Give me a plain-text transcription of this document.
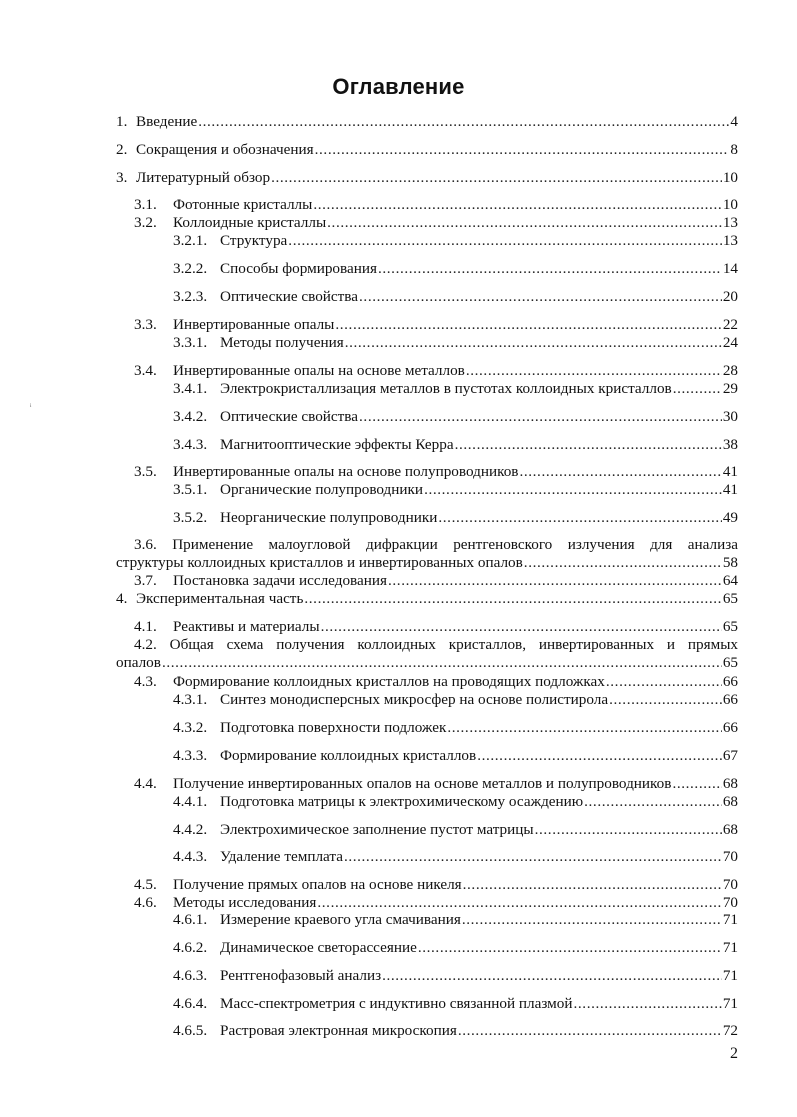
Оглавление
ᵢ
1. Введение .....	4
2. Сокращения и обозначения .....	8
3. Литературный обзор .....	10
3.1.	Фотонные кристаллы .....	10
3.2.	Коллоидные кристаллы .....	13
3.2.1. Структура .....	13
3.2.2. Способы формирования .....	14
3.2.3. Оптические свойства .....	20
3.3.	Инвертированные опалы .....	22
3.3.1. Методы получения .....	24
3.4.	Инвертированные опалы на основе металлов .....	28
3.4.1. Электрокристаллизация металлов в пустотах коллоидных кристаллов .....	29
3.4.2. Оптические свойства .....	30
3.4.3. Магнитооптические эффекты Керра .....	38
3.5.	Инвертированные опалы на основе полупроводников .....	41
3.5.1. Органические полупроводники .....	41
3.5.2. Неорганические полупроводники .....	49
3.6. Применение малоугловой дифракции рентгеновского излучения для анализа
структуры коллоидных кристаллов и инвертированных опалов .....	58
3.7.	Постановка задачи исследования .....	64
4. Экспериментальная часть .....	65
4.1.	Реактивы и материалы .....	65
4.2. Общая схема получения коллоидных кристаллов, инвертированных и прямых
опалов .....	65
4.3.	Формирование коллоидных кристаллов на проводящих подложках .....	66
4.3.1. Синтез монодисперсных микросфер на основе полистирола .....	66
4.3.2. Подготовка поверхности подложек .....	66
4.3.3. Формирование коллоидных кристаллов .....	67
4.4.	Получение инвертированных опалов на основе металлов и полупроводников .....	68
4.4.1. Подготовка матрицы к электрохимическому осаждению .....	68
4.4.2. Электрохимическое заполнение пустот матрицы .....	68
4.4.3. Удаление темплата .....	70
4.5.	Получение прямых опалов на основе никеля .....	70
4.6.	Методы исследования .....	70
4.6.1. Измерение краевого угла смачивания .....	71
4.6.2. Динамическое светорассеяние .....	71
4.6.3. Рентгенофазовый анализ .....	71
4.6.4. Масс-спектрометрия с индуктивно связанной плазмой .....	71
4.6.5. Растровая электронная микроскопия .....	72
2
